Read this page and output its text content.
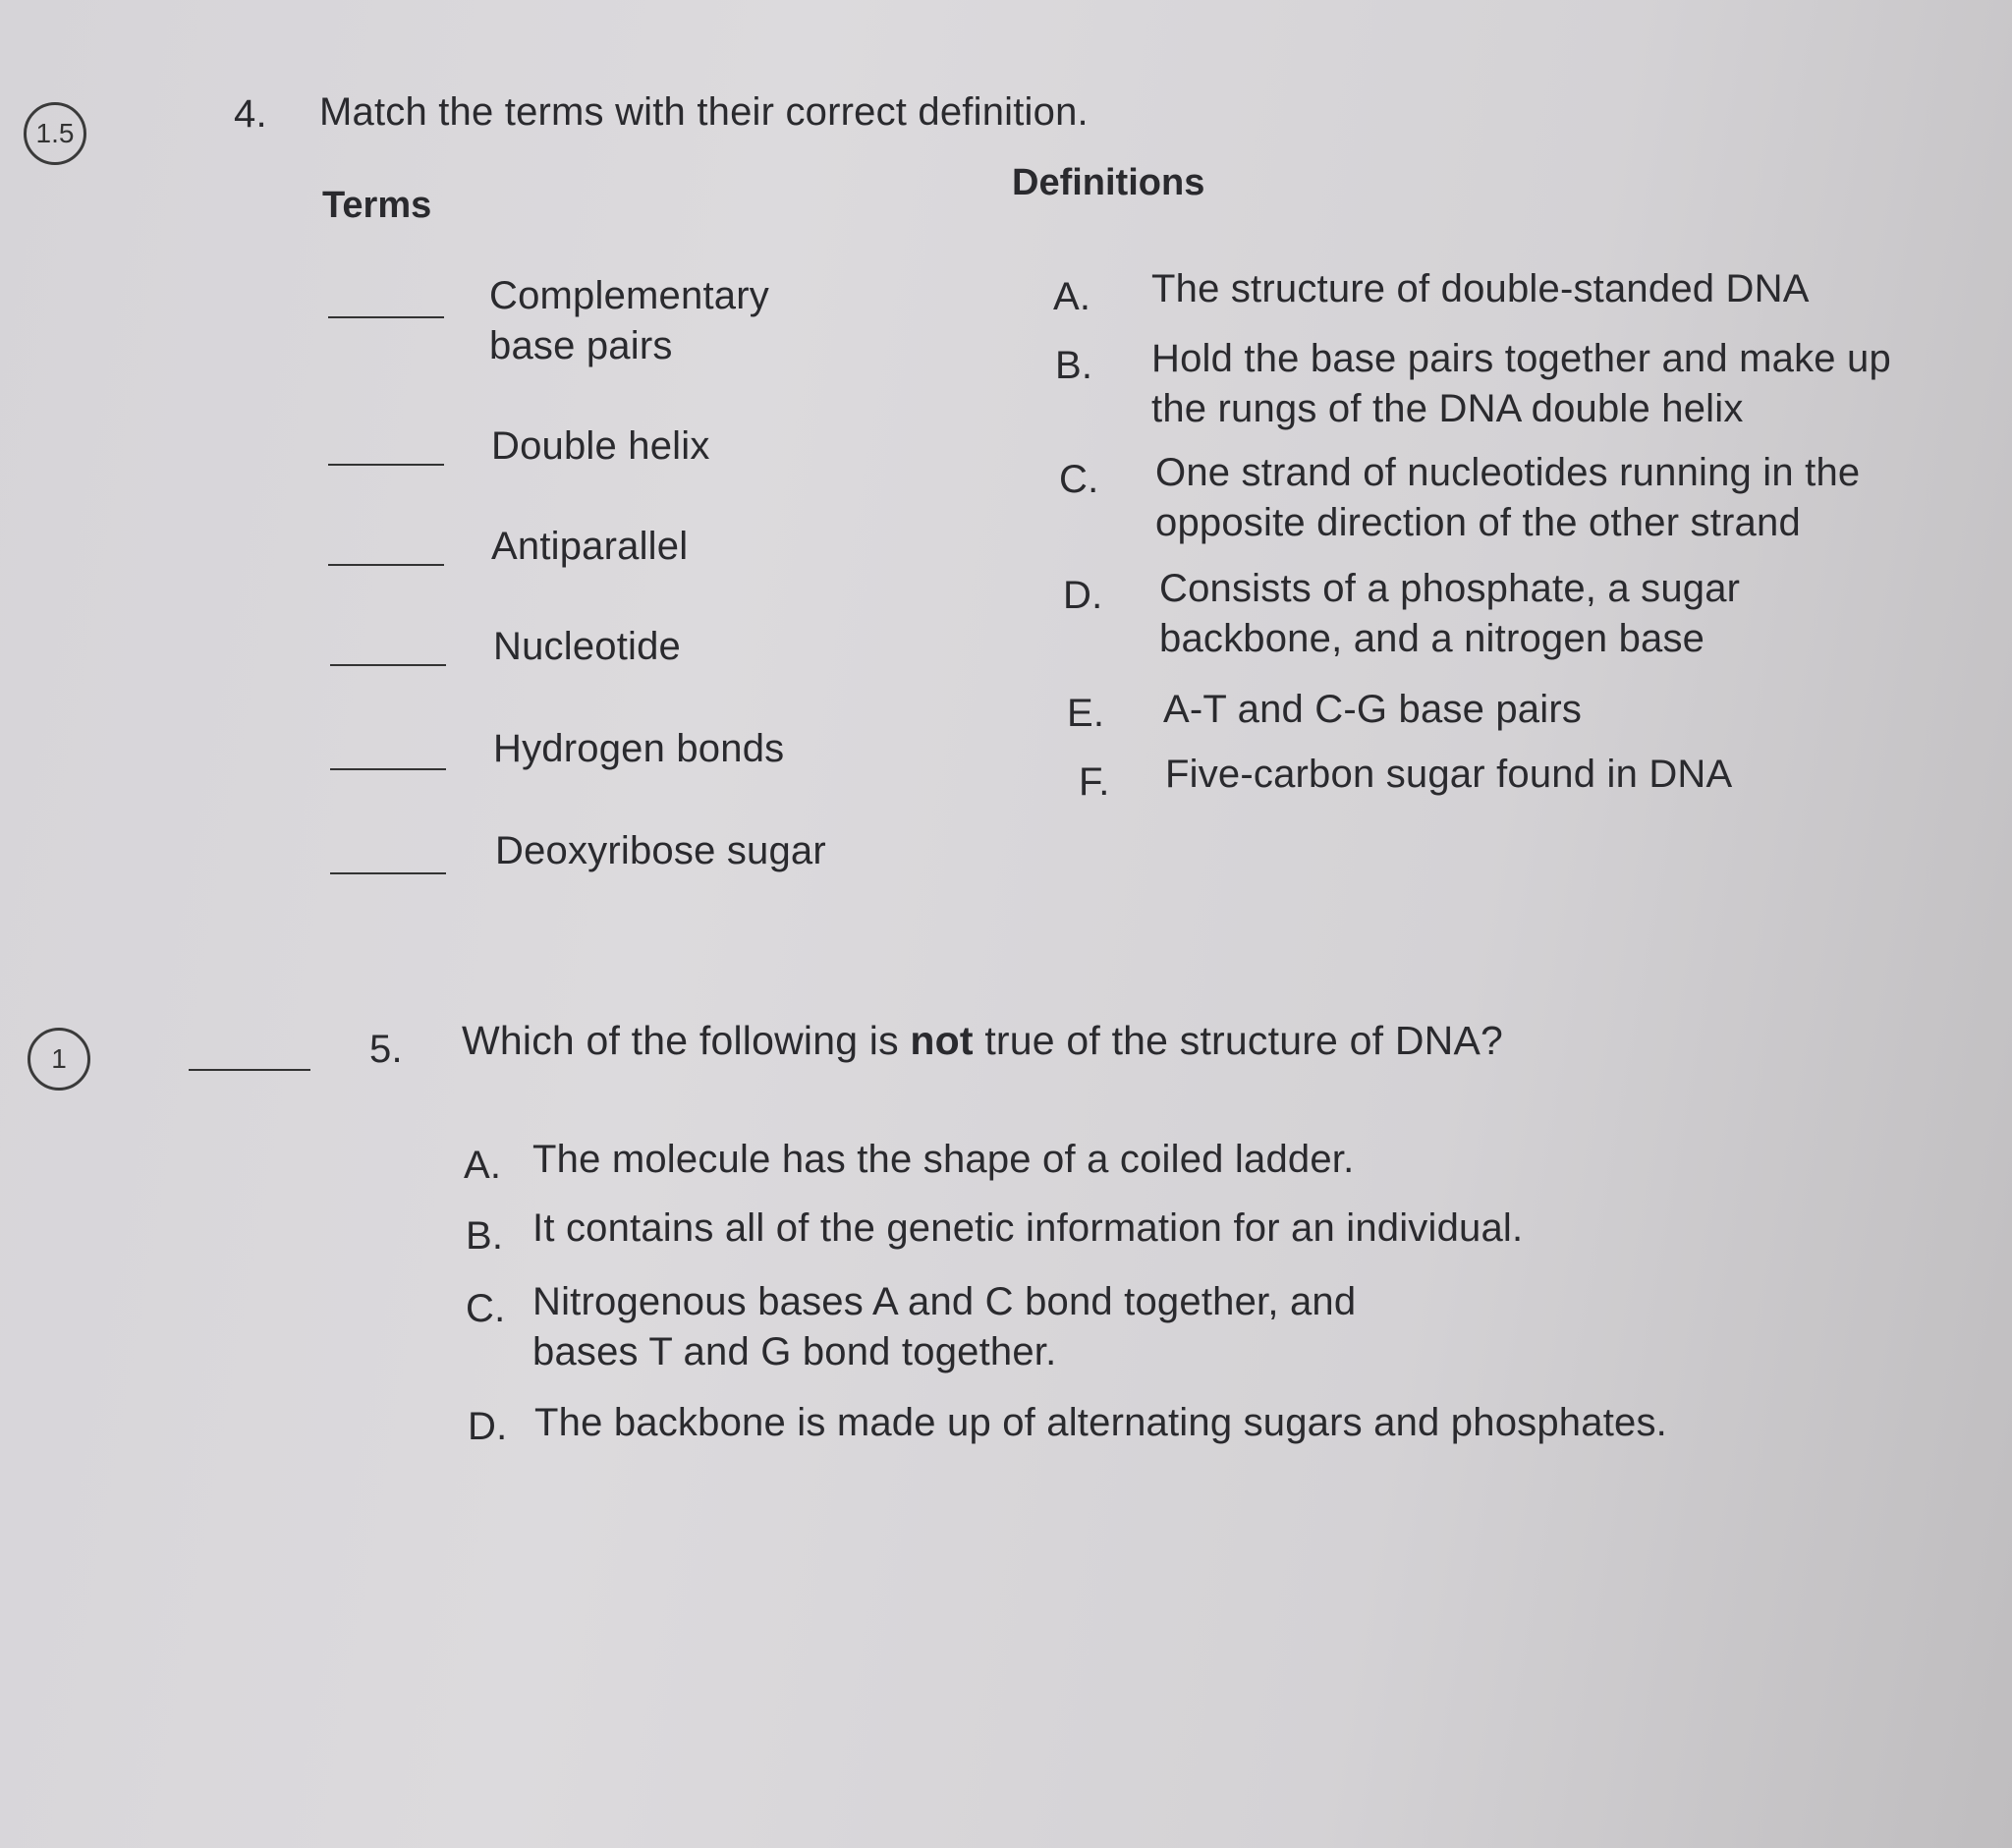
1.5	4. Match the terms with their correct definition.
Terms
Definitions
Complementary base pairs
Double helix
Antiparallel
Nucleotide
Hydrogen bonds
Deoxyribose sugar
A. The structure of double-standed DNA
B. Hold the base pairs together and make up the rungs of the DNA double helix
C. One strand of nucleotides running in the opposite direction of the other strand
D. Consists of a phosphate, a sugar backbone, and a nitrogen base
E. A-T and C-G base pairs
F. Five-carbon sugar found in DNA
1	5. Which of the following is not true of the structure of DNA?
A. The molecule has the shape of a coiled ladder.
B. It contains all of the genetic information for an individual.
C. Nitrogenous bases A and C bond together, and bases T and G bond together.
D. The backbone is made up of alternating sugars and phosphates.
